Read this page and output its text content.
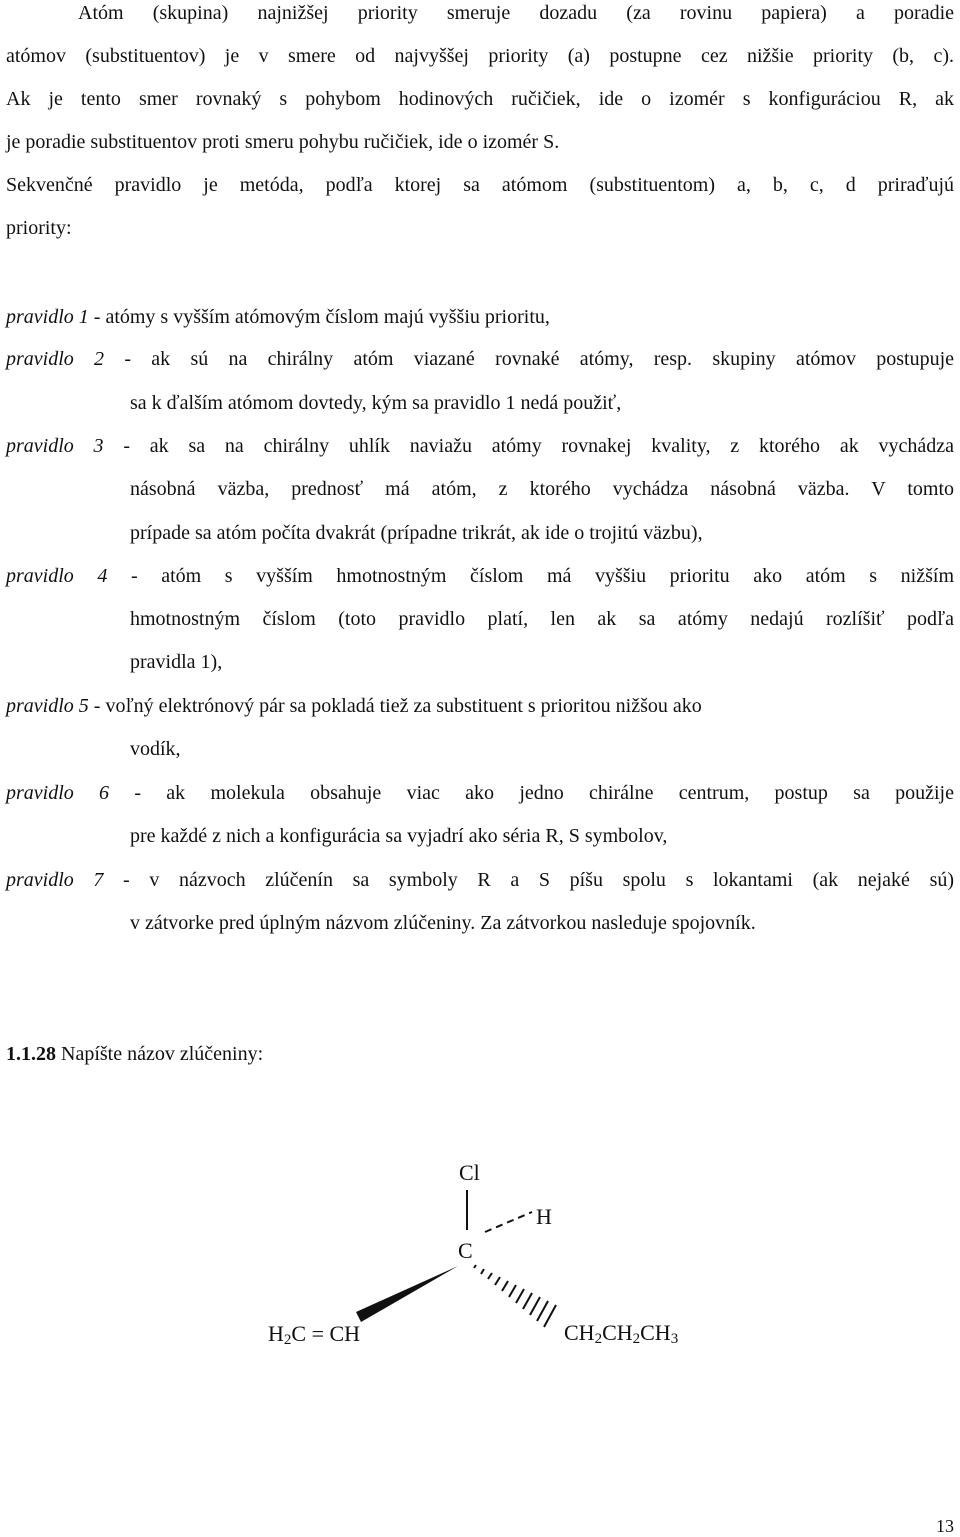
Atóm (skupina) najnižšej priority smeruje dozadu (za rovinu papiera) a poradie
atómov (substituentov) je v smere od najvyššej priority (a) postupne cez nižšie priority (b, c).
Ak je tento smer rovnaký s pohybom hodinových ručičiek, ide o izomér s konfiguráciou R, ak
je poradie substituentov proti smeru pohybu ručičiek, ide o izomér S.
Sekvenčné pravidlo je metóda, podľa ktorej sa atómom (substituentom) a, b, c, d priraďujú
priority:
pravidlo 1 - atómy s vyšším atómovým číslom majú vyššiu prioritu,
pravidlo 2 - ak sú na chirálny atóm viazané rovnaké atómy, resp. skupiny atómov postupuje
sa k ďalším atómom dovtedy, kým sa pravidlo 1 nedá použiť,
pravidlo 3 - ak sa na chirálny uhlík naviažu atómy rovnakej kvality, z ktorého ak vychádza
násobná väzba, prednosť má atóm, z ktorého vychádza násobná väzba. V tomto
prípade sa atóm počíta dvakrát (prípadne trikrát, ak ide o trojitú väzbu),
pravidlo 4 - atóm s vyšším hmotnostným číslom má vyššiu prioritu ako atóm s nižším
hmotnostným číslom (toto pravidlo platí, len ak sa atómy nedajú rozlíšiť podľa
pravidla 1),
pravidlo 5 - voľný elektrónový pár sa pokladá tiež za substituent s prioritou nižšou ako
vodík,
pravidlo 6 - ak molekula obsahuje viac ako jedno chirálne centrum, postup sa použije
pre každé z nich a konfigurácia sa vyjadrí ako séria R, S symbolov,
pravidlo 7 - v názvoch zlúčenín sa symboly R a S píšu spolu s lokantami (ak nejaké sú)
v zátvorke pred úplným názvom zlúčeniny. Za zátvorkou nasleduje spojovník.
1.1.28 Napíšte názov zlúčeniny:
Cl
C
H
$H_2C$ = CH	$CH_2CH_2CH_3$
13
